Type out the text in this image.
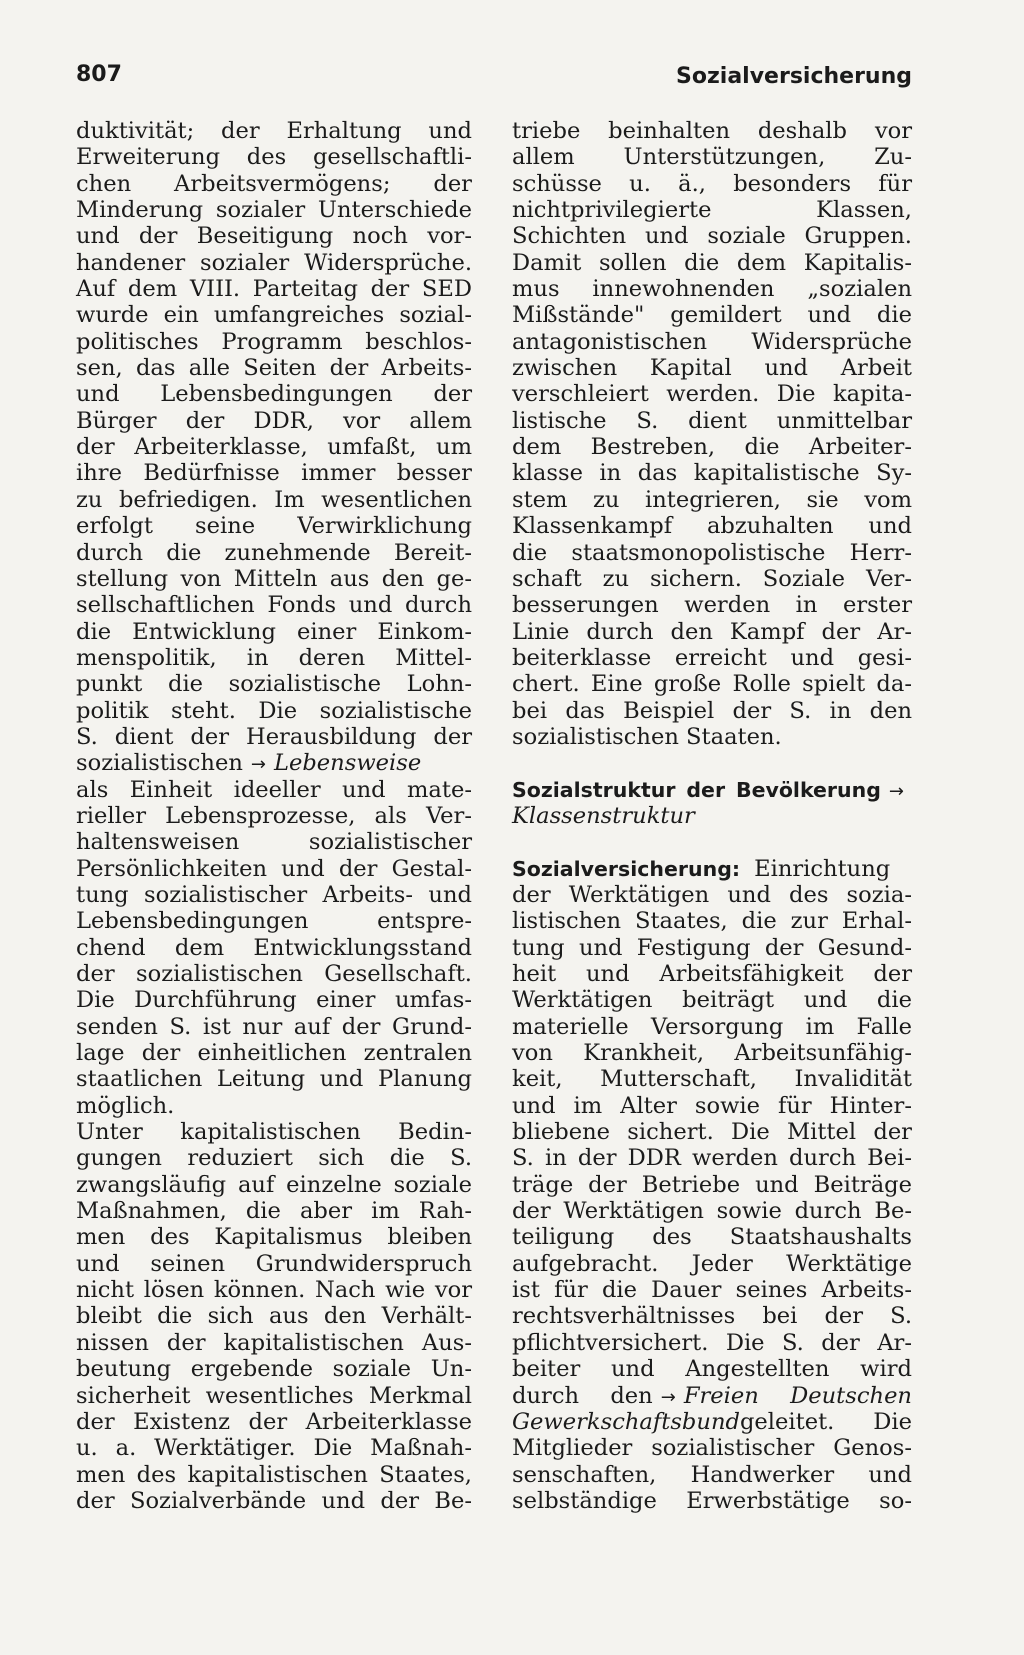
807	Sozialversicherung
duktivität; der Erhaltung und
Erweiterung des gesellschaftli-
chen Arbeitsvermögens; der
Minderung sozialer Unterschiede
und der Beseitigung noch vor-
handener sozialer Widersprüche.
Auf dem VIII. Parteitag der SED
wurde ein umfangreiches sozial-
politisches Programm beschlos-
sen, das alle Seiten der Arbeits-
und Lebensbedingungen der
Bürger der DDR, vor allem
der Arbeiterklasse, umfaßt, um
ihre Bedürfnisse immer besser
zu befriedigen. Im wesentlichen
erfolgt seine Verwirklichung
durch die zunehmende Bereit-
stellung von Mitteln aus den ge-
sellschaftlichen Fonds und durch
die Entwicklung einer Einkom-
menspolitik, in deren Mittel-
punkt die sozialistische Lohn-
politik steht. Die sozialistische
S. dient der Herausbildung der
sozialistischen → Lebensweise
als Einheit ideeller und mate-
rieller Lebensprozesse, als Ver-
haltensweisen sozialistischer
Persönlichkeiten und der Gestal-
tung sozialistischer Arbeits- und
Lebensbedingungen entspre-
chend dem Entwicklungsstand
der sozialistischen Gesellschaft.
Die Durchführung einer umfas-
senden S. ist nur auf der Grund-
lage der einheitlichen zentralen
staatlichen Leitung und Planung
möglich.
Unter kapitalistischen Bedin-
gungen reduziert sich die S.
zwangsläufig auf einzelne soziale
Maßnahmen, die aber im Rah-
men des Kapitalismus bleiben
und seinen Grundwiderspruch
nicht lösen können. Nach wie vor
bleibt die sich aus den Verhält-
nissen der kapitalistischen Aus-
beutung ergebende soziale Un-
sicherheit wesentliches Merkmal
der Existenz der Arbeiterklasse
u. a. Werktätiger. Die Maßnah-
men des kapitalistischen Staates,
der Sozialverbände und der Be-
triebe beinhalten deshalb vor
allem Unterstützungen, Zu-
schüsse u. ä., besonders für
nichtprivilegierte Klassen,
Schichten und soziale Gruppen.
Damit sollen die dem Kapitalis-
mus innewohnenden „sozialen
Mißstände" gemildert und die
antagonistischen Widersprüche
zwischen Kapital und Arbeit
verschleiert werden. Die kapita-
listische S. dient unmittelbar
dem Bestreben, die Arbeiter-
klasse in das kapitalistische Sy-
stem zu integrieren, sie vom
Klassenkampf abzuhalten und
die staatsmonopolistische Herr-
schaft zu sichern. Soziale Ver-
besserungen werden in erster
Linie durch den Kampf der Ar-
beiterklasse erreicht und gesi-
chert. Eine große Rolle spielt da-
bei das Beispiel der S. in den
sozialistischen Staaten.
Sozialstruktur der Bevölkerung →
Klassenstruktur
Sozialversicherung: Einrichtung
der Werktätigen und des sozia-
listischen Staates, die zur Erhal-
tung und Festigung der Gesund-
heit und Arbeitsfähigkeit der
Werktätigen beiträgt und die
materielle Versorgung im Falle
von Krankheit, Arbeitsunfähig-
keit, Mutterschaft, Invalidität
und im Alter sowie für Hinter-
bliebene sichert. Die Mittel der
S. in der DDR werden durch Bei-
träge der Betriebe und Beiträge
der Werktätigen sowie durch Be-
teiligung des Staatshaushalts
aufgebracht. Jeder Werktätige
ist für die Dauer seines Arbeits-
rechtsverhältnisses bei der S.
pflichtversichert. Die S. der Ar-
beiter und Angestellten wird
durch den → Freien Deutschen
Gewerkschaftsbundgeleitet. Die
Mitglieder sozialistischer Genos-
senschaften, Handwerker und
selbständige Erwerbstätige so-
